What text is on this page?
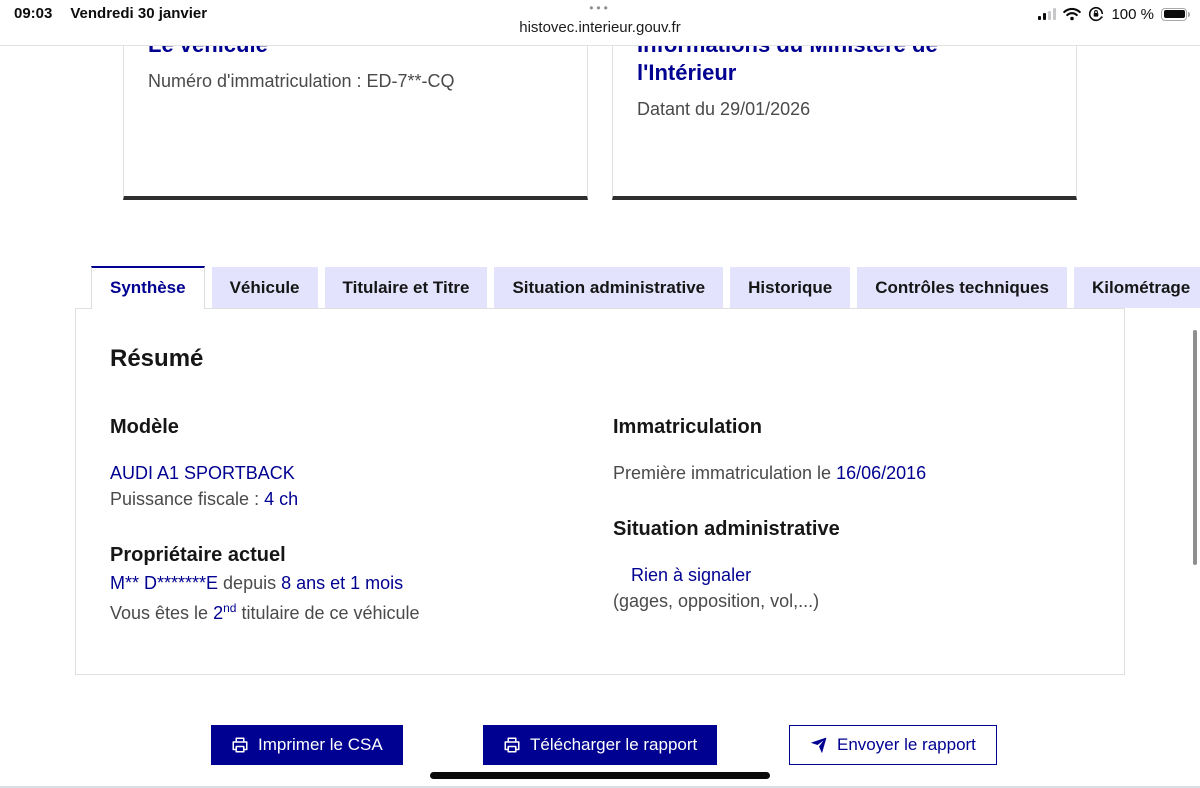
Numéro d'immatriculation : ED-7**-CQ	l'Intérieur

Datant du 29/01/2026

Synthèse	Véhicule	Titulaire et Titre	Situation administrative	Historique	Contrôles techniques	Kilométrage
Résumé
Modèle

AUDI A1 SPORTBACK

Puissance fiscale : 4 ch

Propriétaire actuel

M** D*******E depuis 8 ans et 1 mois

Vous êtes le 2nd titulaire de ce véhicule

Immatriculation

Première immatriculation le 16/06/2016

Situation administrative

Rien à signaler

(gages, opposition, vol,...)

Imprimer le CSA	Télécharger le rapport	Envoyer le rapport
09:03 Vendredi 30 janvier	•••
histovec.interieur.gouv.fr
100 %
